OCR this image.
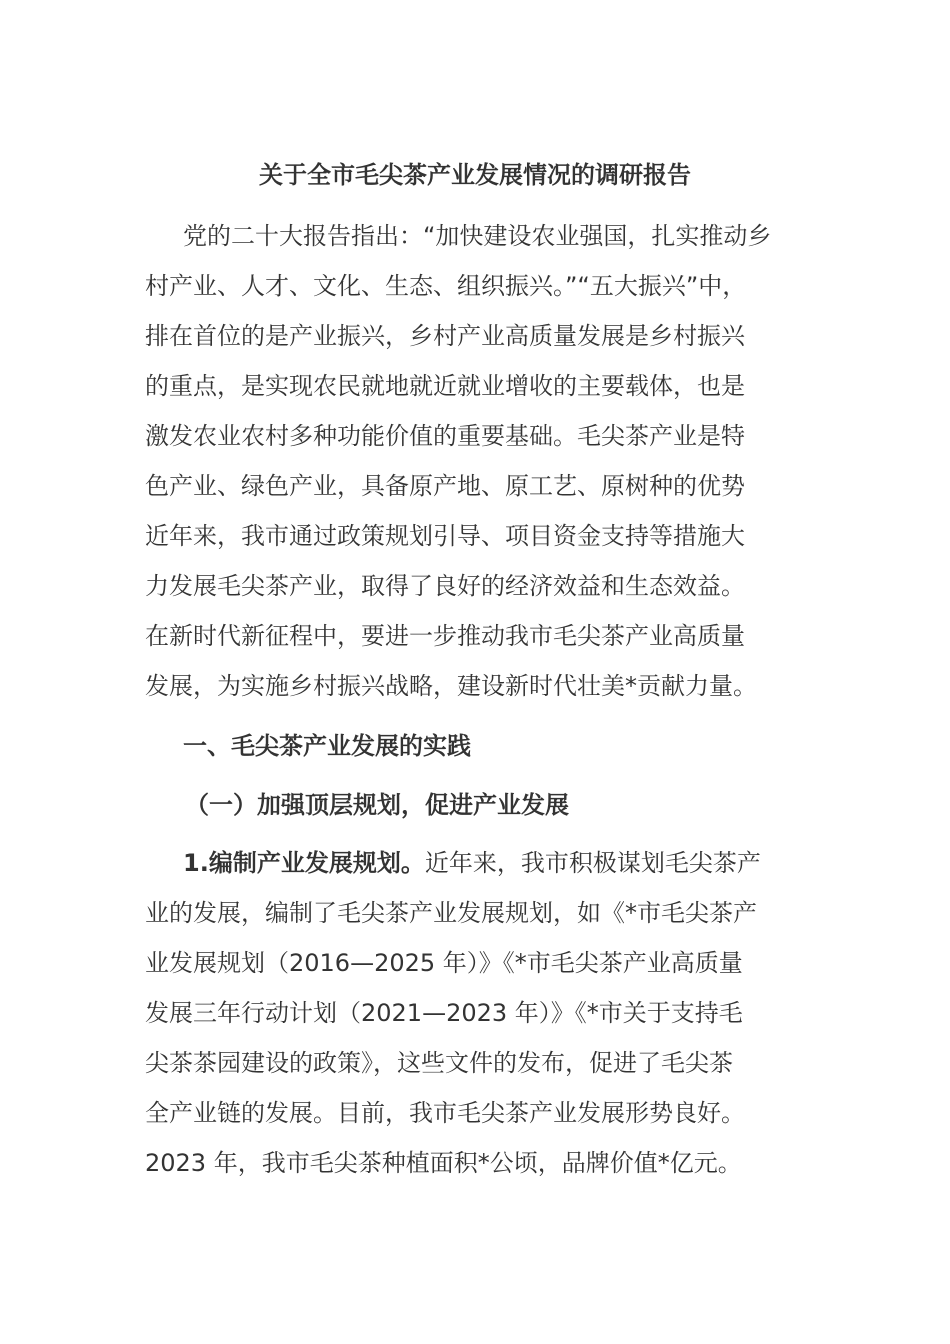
关于全市毛尖茶产业发展情况的调研报告
党的二十大报告指出：“加快建设农业强国，扎实推动乡
村产业、人才、文化、生态、组织振兴。”“五大振兴”中，
排在首位的是产业振兴，乡村产业高质量发展是乡村振兴
的重点，是实现农民就地就近就业增收的主要载体，也是
激发农业农村多种功能价值的重要基础。毛尖茶产业是特
色产业、绿色产业，具备原产地、原工艺、原树种的优势
近年来，我市通过政策规划引导、项目资金支持等措施大
力发展毛尖茶产业，取得了良好的经济效益和生态效益。
在新时代新征程中，要进一步推动我市毛尖茶产业高质量
发展，为实施乡村振兴战略，建设新时代壮美*贡献力量。
一、毛尖茶产业发展的实践
（一）加强顶层规划，促进产业发展
1.编制产业发展规划。近年来，我市积极谋划毛尖茶产
业的发展，编制了毛尖茶产业发展规划，如《*市毛尖茶产
业发展规划（2016—2025 年）》《*市毛尖茶产业高质量
发展三年行动计划（2021—2023 年）》《*市关于支持毛
尖茶茶园建设的政策》，这些文件的发布，促进了毛尖茶
全产业链的发展。目前，我市毛尖茶产业发展形势良好。
2023 年，我市毛尖茶种植面积*公顷，品牌价值*亿元。
